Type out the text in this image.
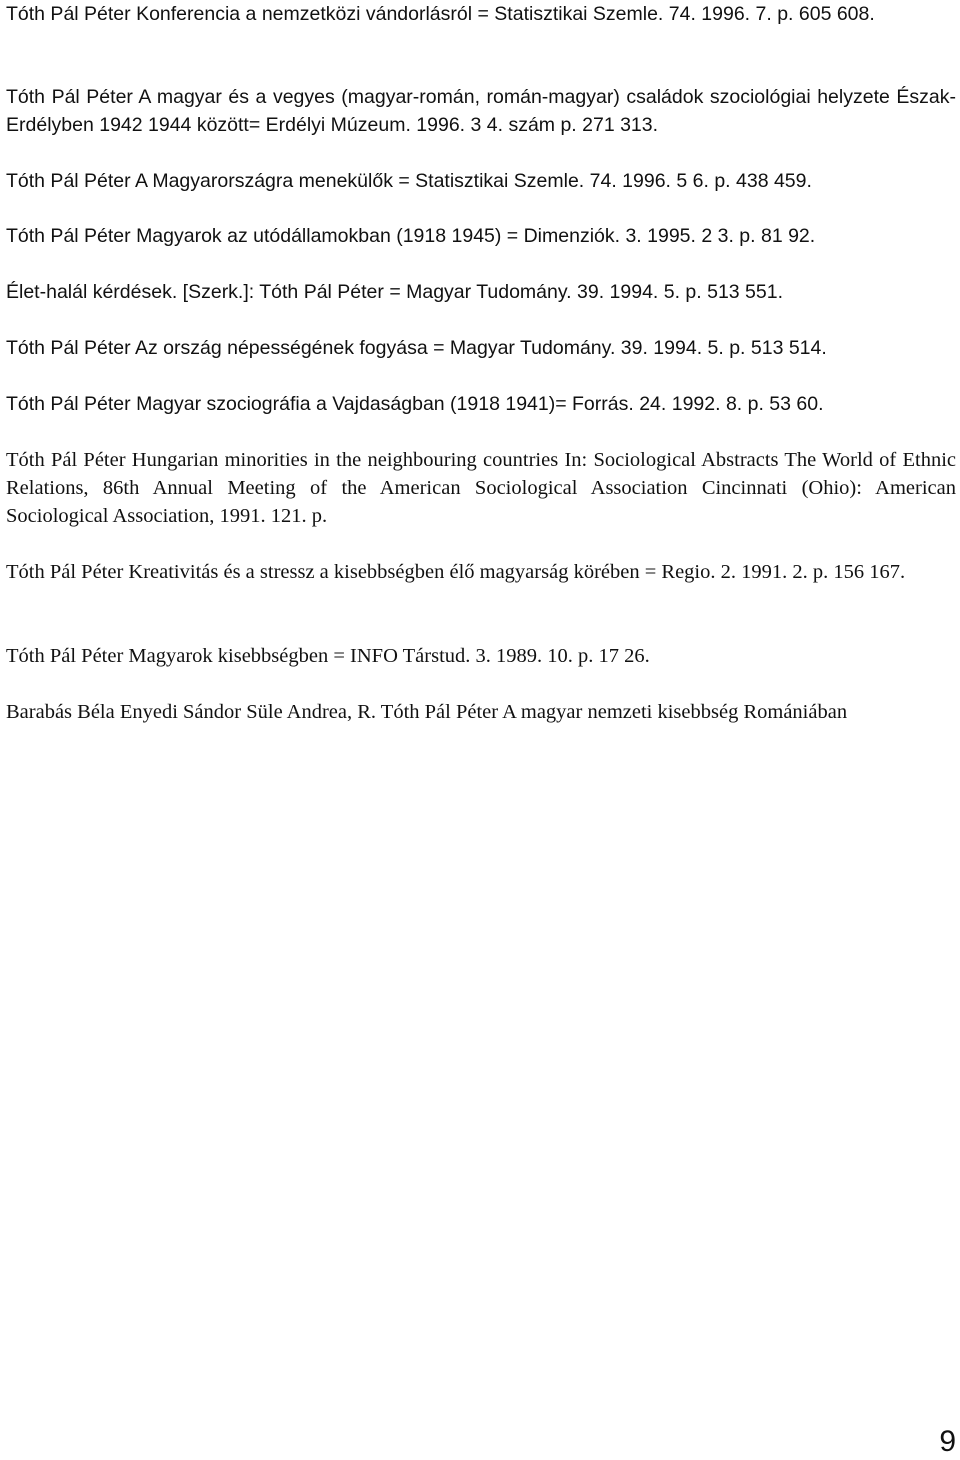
Tóth Pál Péter Konferencia a nemzetközi vándorlásról = Statisztikai Szemle. 74. 1996. 7. p. 605 608.

Tóth Pál Péter A magyar és a vegyes (magyar-román, román-magyar) családok szociológiai helyzete Észak-Erdélyben 1942 1944 között= Erdélyi Múzeum. 1996. 3 4. szám p. 271 313.

Tóth Pál Péter A Magyarországra menekülők = Statisztikai Szemle. 74. 1996. 5 6. p. 438 459.

Tóth Pál Péter Magyarok az utódállamokban (1918 1945) = Dimenziók. 3. 1995. 2 3. p. 81 92.

Élet-halál kérdések. [Szerk.]: Tóth Pál Péter = Magyar Tudomány. 39. 1994. 5. p. 513 551.

Tóth Pál Péter Az ország népességének fogyása = Magyar Tudomány. 39. 1994. 5. p. 513 514.

Tóth Pál Péter Magyar szociográfia a Vajdaságban (1918 1941)= Forrás. 24. 1992. 8. p. 53 60.

Tóth Pál Péter Hungarian minorities in the neighbouring countries In: Sociological Abstracts The World of Ethnic Relations, 86th Annual Meeting of the American Sociological Association Cincinnati (Ohio): American Sociological Association, 1991. 121. p.

Tóth Pál Péter Kreativitás és a stressz a kisebbségben élő magyarság körében = Regio. 2. 1991. 2. p. 156 167.

Tóth Pál Péter Magyarok kisebbségben = INFO Társtud. 3. 1989. 10. p. 17 26.

Barabás Béla Enyedi Sándor Süle Andrea, R. Tóth Pál Péter A magyar nemzeti kisebbség Romániában

9
